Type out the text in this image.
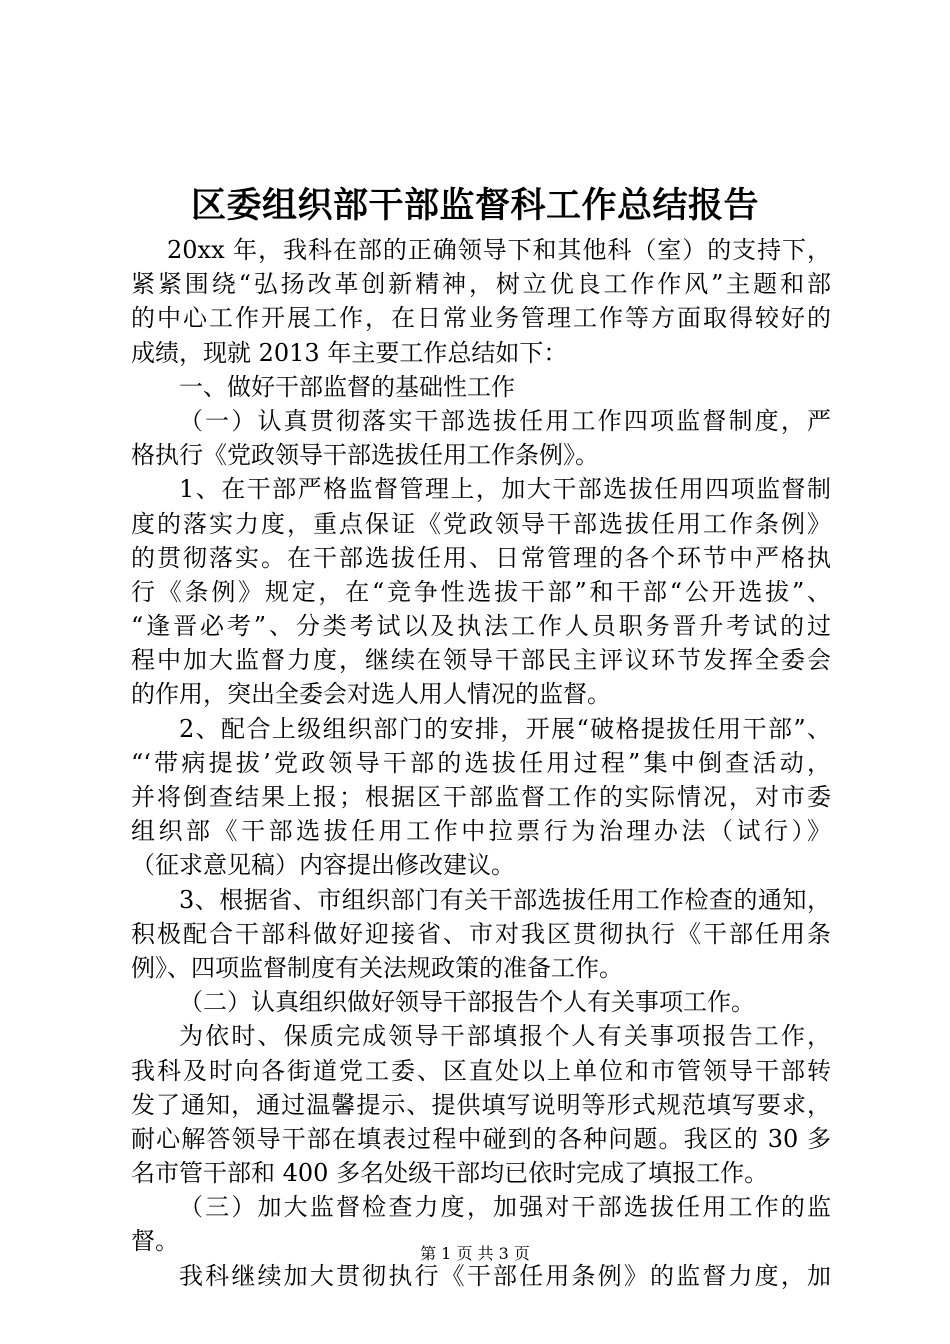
区委组织部干部监督科工作总结报告
20xx 年，我科在部的正确领导下和其他科（室）的支持下，
紧紧围绕“弘扬改革创新精神，树立优良工作作风”主题和部
的中心工作开展工作，在日常业务管理工作等方面取得较好的
成绩，现就 2013 年主要工作总结如下：
一、做好干部监督的基础性工作
（一）认真贯彻落实干部选拔任用工作四项监督制度，严
格执行《党政领导干部选拔任用工作条例》。
1、在干部严格监督管理上，加大干部选拔任用四项监督制
度的落实力度，重点保证《党政领导干部选拔任用工作条例》
的贯彻落实。在干部选拔任用、日常管理的各个环节中严格执
行《条例》规定，在“竞争性选拔干部”和干部“公开选拔”、
“逢晋必考”、分类考试以及执法工作人员职务晋升考试的过
程中加大监督力度，继续在领导干部民主评议环节发挥全委会
的作用，突出全委会对选人用人情况的监督。
2、配合上级组织部门的安排，开展“破格提拔任用干部”、
“‘带病提拔’党政领导干部的选拔任用过程”集中倒查活动，
并将倒查结果上报；根据区干部监督工作的实际情况，对市委
组织部《干部选拔任用工作中拉票行为治理办法（试行）》
（征求意见稿）内容提出修改建议。
3、根据省、市组织部门有关干部选拔任用工作检查的通知，
积极配合干部科做好迎接省、市对我区贯彻执行《干部任用条
例》、四项监督制度有关法规政策的准备工作。
（二）认真组织做好领导干部报告个人有关事项工作。
为依时、保质完成领导干部填报个人有关事项报告工作，
我科及时向各街道党工委、区直处以上单位和市管领导干部转
发了通知，通过温馨提示、提供填写说明等形式规范填写要求，
耐心解答领导干部在填表过程中碰到的各种问题。我区的 30 多
名市管干部和 400 多名处级干部均已依时完成了填报工作。
（三）加大监督检查力度，加强对干部选拔任用工作的监
督。
我科继续加大贯彻执行《干部任用条例》的监督力度，加
第 1 页 共 3 页
